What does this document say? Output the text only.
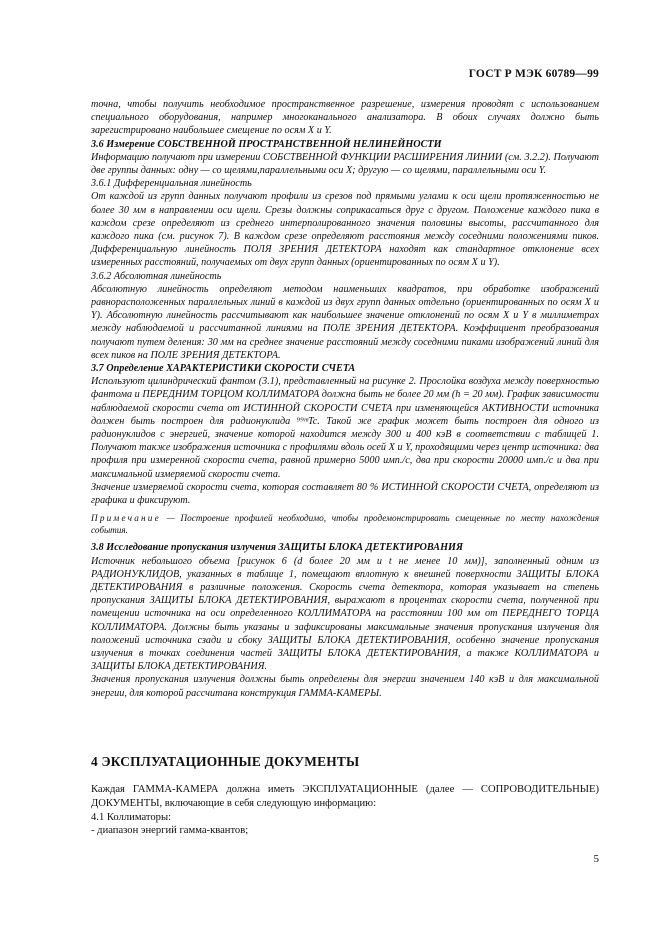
ГОСТ Р МЭК 60789—99

точна, чтобы получить необходимое пространственное разрешение, измерения проводят с использованием специального оборудования, например многоканального анализатора. В обоих случаях должно быть зарегистрировано наибольшее смещение по осям X и Y.

3.6 Измерение СОБСТВЕННОЙ ПРОСТРАНСТВЕННОЙ НЕЛИНЕЙНОСТИ

Информацию получают при измерении СОБСТВЕННОЙ ФУНКЦИИ РАСШИРЕНИЯ ЛИНИИ (см. 3.2.2). Получают две группы данных: одну — со щелями,параллельными оси X; другую — со щелями, параллельными оси Y.

3.6.1 Дифференциальная линейность

От каждой из групп данных получают профили из срезов под прямыми углами к оси щели протяженностью не более 30 мм в направлении оси щели. Срезы должны соприкасаться друг с другом. Положение каждого пика в каждом срезе определяют из среднего интерполированного значения половины высоты, рассчитанного для каждого пика (см. рисунок 7). В каждом срезе определяют расстояния между соседними положениями пиков. Дифференциальную линейность ПОЛЯ ЗРЕНИЯ ДЕТЕКТОРА находят как стандартное отклонение всех измеренных расстояний, получаемых от двух групп данных (ориентированных по осям X и Y).

3.6.2 Абсолютная линейность

Абсолютную линейность определяют методом наименьших квадратов, при обработке изображений равнорасположенных параллельных линий в каждой из двух групп данных отдельно (ориентированных по осям X и Y). Абсолютную линейность рассчитывают как наибольшее значение отклонений по осям X и Y в миллиметрах между наблюдаемой и рассчитанной линиями на ПОЛЕ ЗРЕНИЯ ДЕТЕКТОРА. Коэффициент преобразования получают путем деления: 30 мм на среднее значение расстояний между соседними пиками изображений линий для всех пиков на ПОЛЕ ЗРЕНИЯ ДЕТЕКТОРА.

3.7 Определение ХАРАКТЕРИСТИКИ СКОРОСТИ СЧЕТА

Используют цилиндрический фантом (3.1), представленный на рисунке 2. Прослойка воздуха между поверхностью фантома и ПЕРЕДНИМ ТОРЦОМ КОЛЛИМАТОРА должна быть не более 20 мм (h = 20 мм). График зависимости наблюдаемой скорости счета от ИСТИННОЙ СКОРОСТИ СЧЕТА при изменяющейся АКТИВНОСТИ источника должен быть построен для радионуклида ⁹⁹ᵐTc. Такой же график может быть построен для одного из радионуклидов с энергией, значение которой находится между 300 и 400 кэВ в соответствии с таблицей 1. Получают также изображения источника с профилями вдоль осей X и Y, проходящими через центр источника: два профиля при измеренной скорости счета, равной примерно 5000 имп./с, два при скорости 20000 имп./с и два при максимальной измеряемой скорости счета.

Значение измеряемой скорости счета, которая составляет 80 % ИСТИННОЙ СКОРОСТИ СЧЕТА, определяют из графика и фиксируют.

Примечание — Построение профилей необходимо, чтобы продемонстрировать смещенные по месту нахождения события.

3.8 Исследование пропускания излучения ЗАЩИТЫ БЛОКА ДЕТЕКТИРОВАНИЯ

Источник небольшого объема [рисунок 6 (d более 20 мм и t не менее 10 мм)], заполненный одним из РАДИОНУКЛИДОВ, указанных в таблице 1, помещают вплотную к внешней поверхности ЗАЩИТЫ БЛОКА ДЕТЕКТИРОВАНИЯ в различные положения. Скорость счета детектора, которая указывает на степень пропускания ЗАЩИТЫ БЛОКА ДЕТЕКТИРОВАНИЯ, выражают в процентах скорости счета, полученной при помещении источника на оси определенного КОЛЛИМАТОРА на расстоянии 100 мм от ПЕРЕДНЕГО ТОРЦА КОЛЛИМАТОРА. Должны быть указаны и зафиксированы максимальные значения пропускания излучения для положений источника сзади и сбоку ЗАЩИТЫ БЛОКА ДЕТЕКТИРОВАНИЯ, особенно значение пропускания излучения в точках соединения частей ЗАЩИТЫ БЛОКА ДЕТЕКТИРОВАНИЯ, а также КОЛЛИМАТОРА и ЗАЩИТЫ БЛОКА ДЕТЕКТИРОВАНИЯ.

Значения пропускания излучения должны быть определены для энергии значением 140 кэВ и для максимальной энергии, для которой рассчитана конструкция ГАММА-КАМЕРЫ.

4 ЭКСПЛУАТАЦИОННЫЕ ДОКУМЕНТЫ

Каждая ГАММА-КАМЕРА должна иметь ЭКСПЛУАТАЦИОННЫЕ (далее — СОПРОВОДИТЕЛЬНЫЕ) ДОКУМЕНТЫ, включающие в себя следующую информацию:

4.1 Коллиматоры:

- диапазон энергий гамма-квантов;

5
